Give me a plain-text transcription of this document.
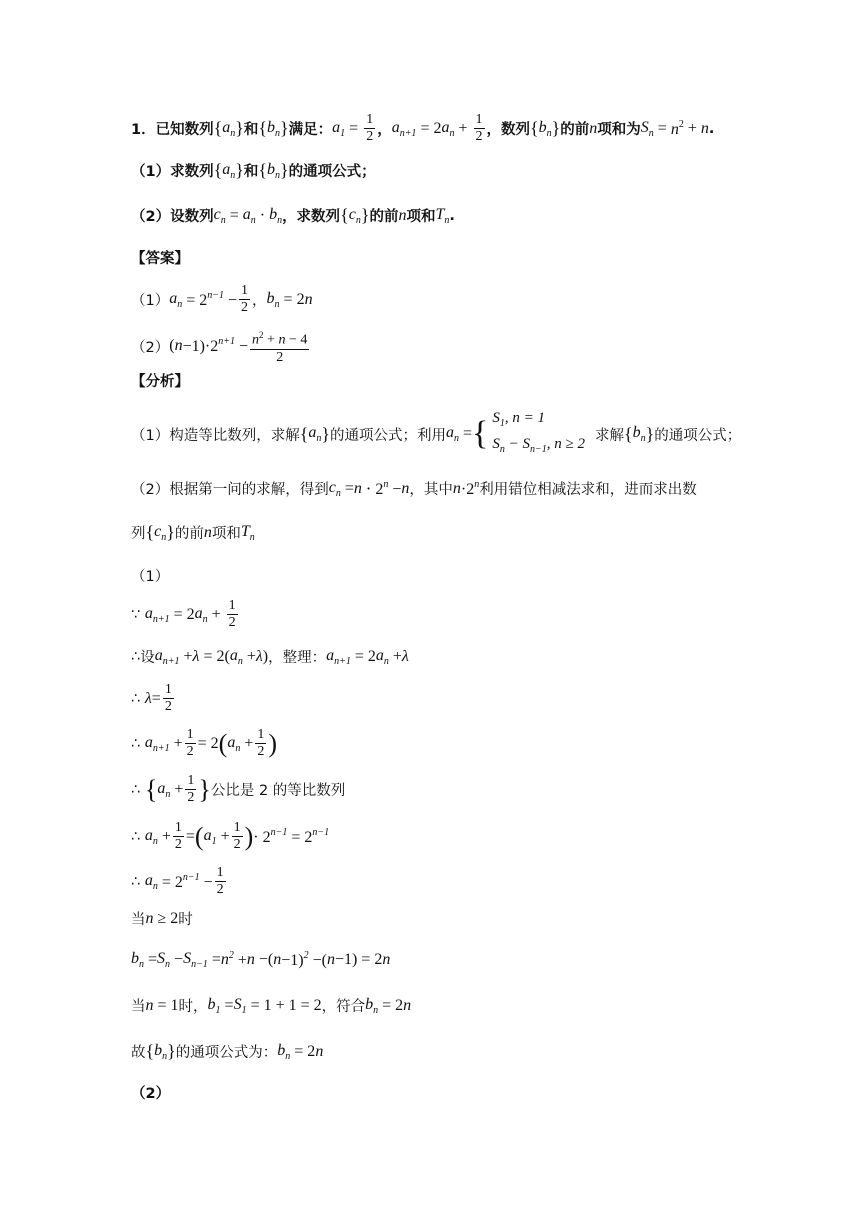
1． 已知数列 { $a_n$ } 和 { $b_n$ } 满足： $a_1 = \frac{1}{2}$ ， $a_{n+1} = 2$ $a_n + \frac{1}{2}$ ，数列 { $b_n$ } 的前 n 项和为 $S_n = n^2 + n$ .
（1）求数列 { $a_n$ } 和 { $b_n$ } 的通项公式；
（2）设数列 $c_n = a_n \cdot b_n$ ，求数列 { $c_n$ } 的前 n 项和 $T_n$ .
【答案】
（1） $a_n = 2^{n-1} - \frac{1}{2}$ ， $b_n = 2$ n
（2） ( $n -1)\cdot 2^{n+1} - \frac{n^2 + n - 4}{2}$
【分析】
（1）构造等比数列，求解 { $a_n$ } 的通项公式；利用 $a_n$ = { $S_1$, n = 1
$S_n - S_{n-1}$, n ≥ 2
求解 { $b_n$ } 的通项公式；
（2）根据第一问的求解，得到 $c_n = n \cdot 2^n - n$ ，其中 $n \cdot 2^n$ 利用错位相减法求和，进而求出数
列 { $c_n$ } 的前 n 项和 $T_n$
（1）
∵
$a_{n+1} = 2$ $a_n + \frac{1}{2}$
∴ 设 $a_{n+1} + \lambda = 2$( $a_n + \lambda$ ) ，整理： $a_{n+1} = 2$ $a_n + \lambda$
∴
$\lambda = \frac{1}{2}$
∴
$a_{n+1} + \frac{1}{2} = 2$ ( $a_n + \frac{1}{2}$ )
∴
{ $a_n + \frac{1}{2}$ } 公比是 2 的等比数列
∴
$a_n + \frac{1}{2}$ = ( $a_1 + \frac{1}{2}$ ) · $2^{n-1} = 2^{n-1}$
∴
$a_n = 2^{n-1} - \frac{1}{2}$
当 n ≥ 2 时
$b_n = S_n - S_{n-1} = n$ $^2$ + n −( n −1)$^2$ −( n −1) = 2 n
当 n = 1 时， $b_1 = S_1 = 1 + 1 = 2$ ，符合 $b_n = 2$ n
故 { $b_n$ } 的通项公式为： $b_n = 2$ n
（2）
